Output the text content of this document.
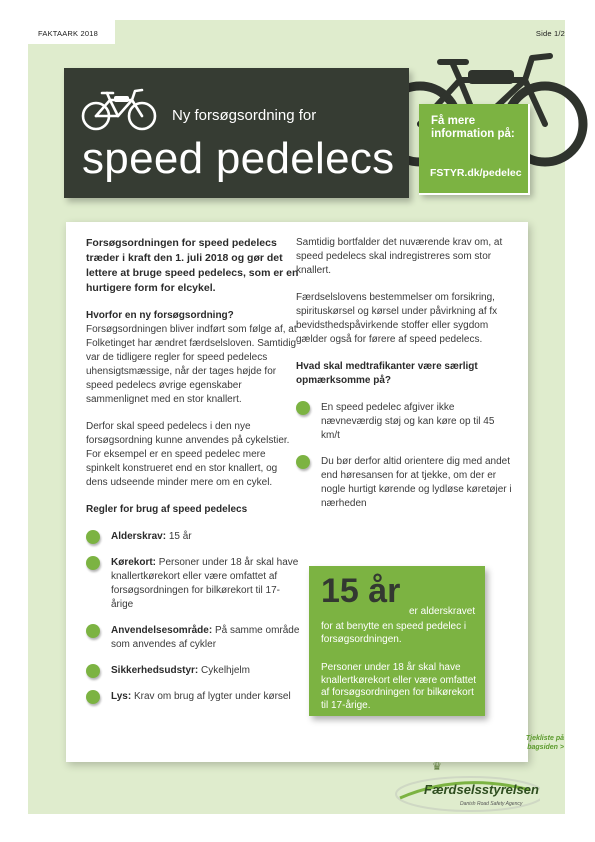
FAKTAARK 2018	Side 1/2
Ny forsøgsordning for
speed pedelecs
Få mere information på:
FSTYR.dk/pedelec

Forsøgsordningen for speed pedelecs træder i kraft den 1. juli 2018 og gør det lettere at bruge speed pedelecs, som er en hurtigere form for elcykel.

Hvorfor en ny forsøgsordning?
Forsøgsordningen bliver indført som følge af, at Folketinget har ændret færdselsloven. Samtidig var de tidligere regler for speed pedelecs uhensigtsmæssige, når der tages højde for speed pedelecs øvrige egenskaber sammenlignet med en stor knallert.

Derfor skal speed pedelecs i den nye forsøgsordning kunne anvendes på cykelstier. For eksempel er en speed pedelec mere spinkelt konstrueret end en stor knallert, og dens udseende minder mere om en cykel.

Regler for brug af speed pedelecs

Alderskrav: 15 år
Kørekort: Personer under 18 år skal have knallertkørekort eller være omfattet af forsøgsordningen for bilkørekort til 17-årige
Anvendelsesområde: På samme område som anvendes af cykler
Sikkerhedsudstyr: Cykelhjelm
Lys: Krav om brug af lygter under kørsel

Samtidig bortfalder det nuværende krav om, at speed pedelecs skal indregistreres som stor knallert.

Færdselslovens bestemmelser om forsikring, spirituskørsel og kørsel under påvirkning af fx bevidsthedspåvirkende stoffer eller sygdom gælder også for førere af speed pedelecs.

Hvad skal medtrafikanter være særligt opmærksomme på?

En speed pedelec afgiver ikke nævneværdig støj og kan køre op til 45 km/t
Du bør derfor altid orientere dig med andet end høresansen for at tjekke, om der er nogle hurtigt kørende og lydløse køretøjer i nærheden
15 år
er alderskravet
for at benytte en speed pedelec i forsøgsordningen.
Personer under 18 år skal have knallertkørekort eller være omfattet af forsøgsordningen for bilkørekort til 17-årige.
Tjekliste på bagsiden >
♛
Færdselsstyrelsen
Danish Road Safety Agency
